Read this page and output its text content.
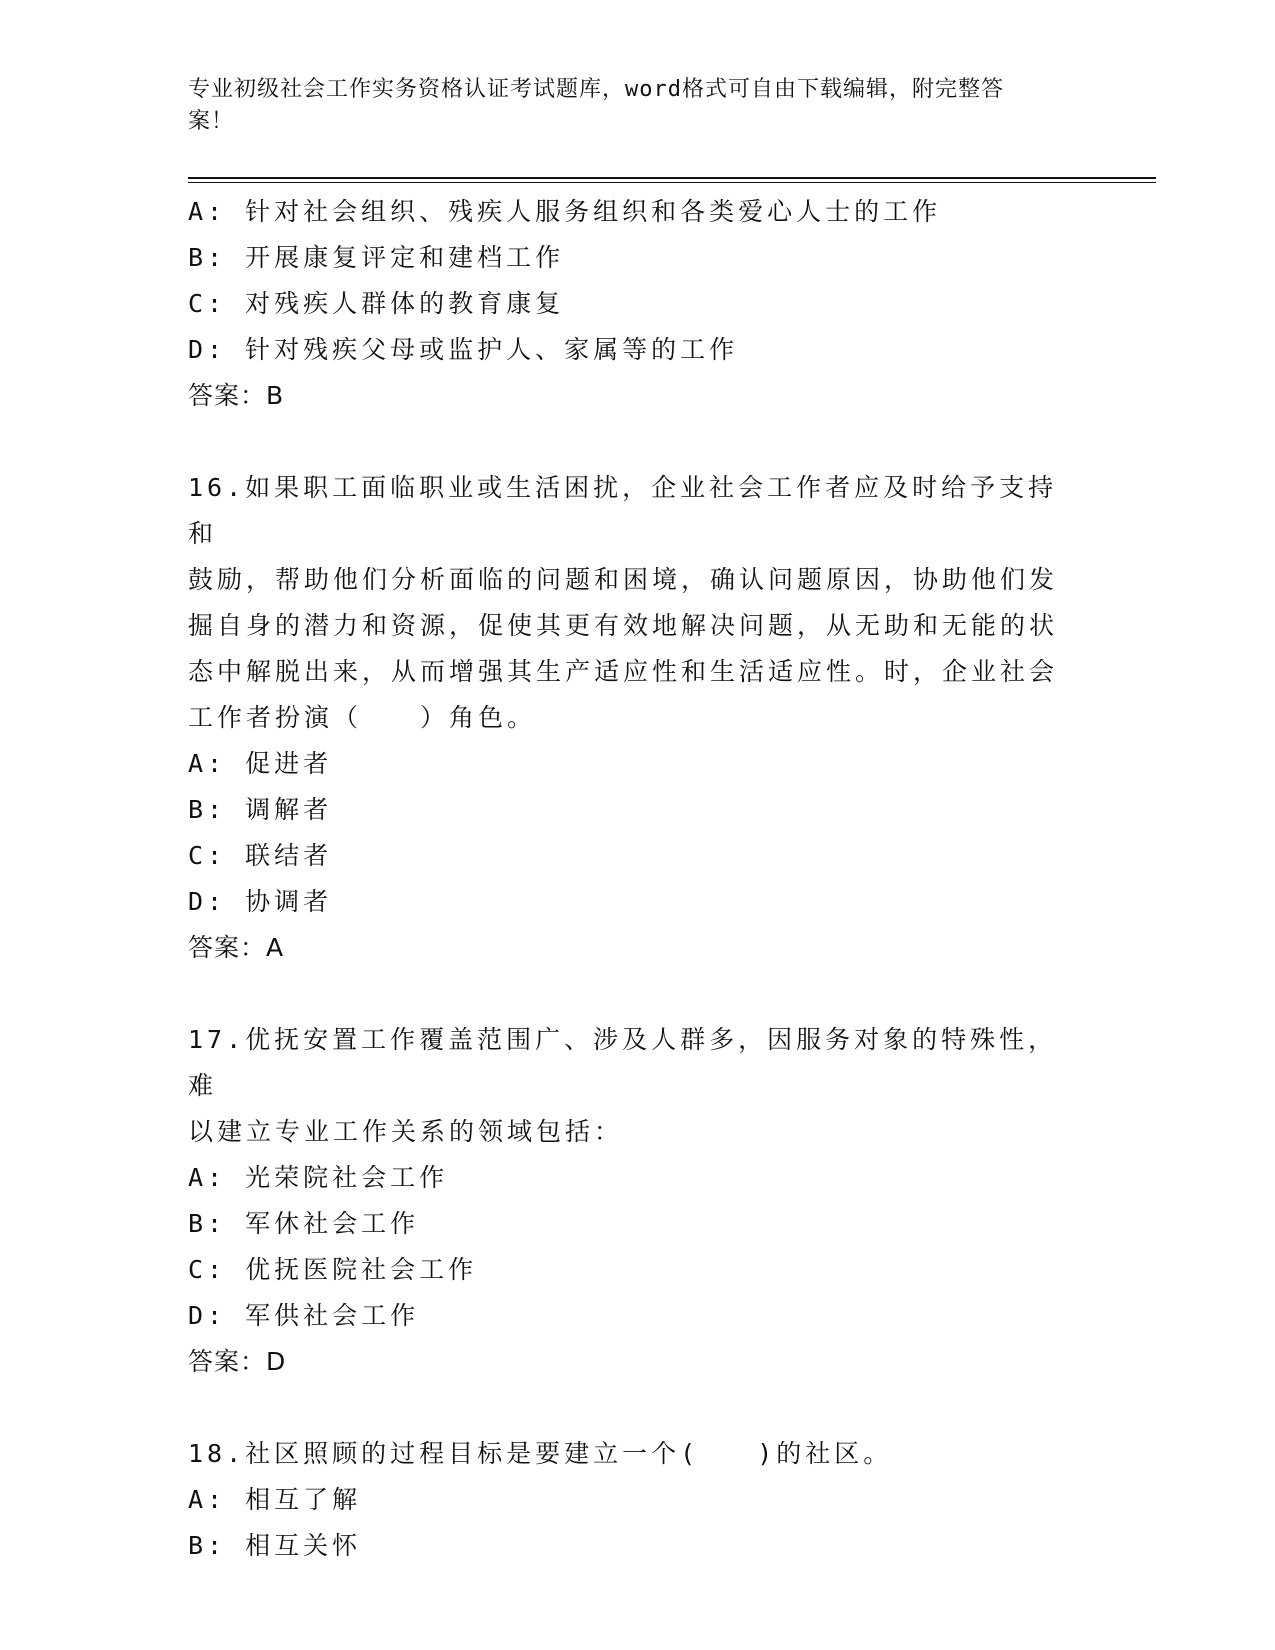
专业初级社会工作实务资格认证考试题库，word格式可自由下载编辑，附完整答
案！
A: 针对社会组织、残疾人服务组织和各类爱心人士的工作
B: 开展康复评定和建档工作
C: 对残疾人群体的教育康复
D: 针对残疾父母或监护人、家属等的工作
答案：B
16.如果职工面临职业或生活困扰，企业社会工作者应及时给予支持和
鼓励，帮助他们分析面临的问题和困境，确认问题原因，协助他们发
掘自身的潜力和资源，促使其更有效地解决问题，从无助和无能的状
态中解脱出来，从而增强其生产适应性和生活适应性。时，企业社会
工作者扮演（　　）角色。
A: 促进者
B: 调解者
C: 联结者
D: 协调者
答案：A
17.优抚安置工作覆盖范围广、涉及人群多，因服务对象的特殊性，难
以建立专业工作关系的领域包括：
A: 光荣院社会工作
B: 军休社会工作
C: 优抚医院社会工作
D: 军供社会工作
答案：D
18.社区照顾的过程目标是要建立一个(　　)的社区。
A: 相互了解
B: 相互关怀
